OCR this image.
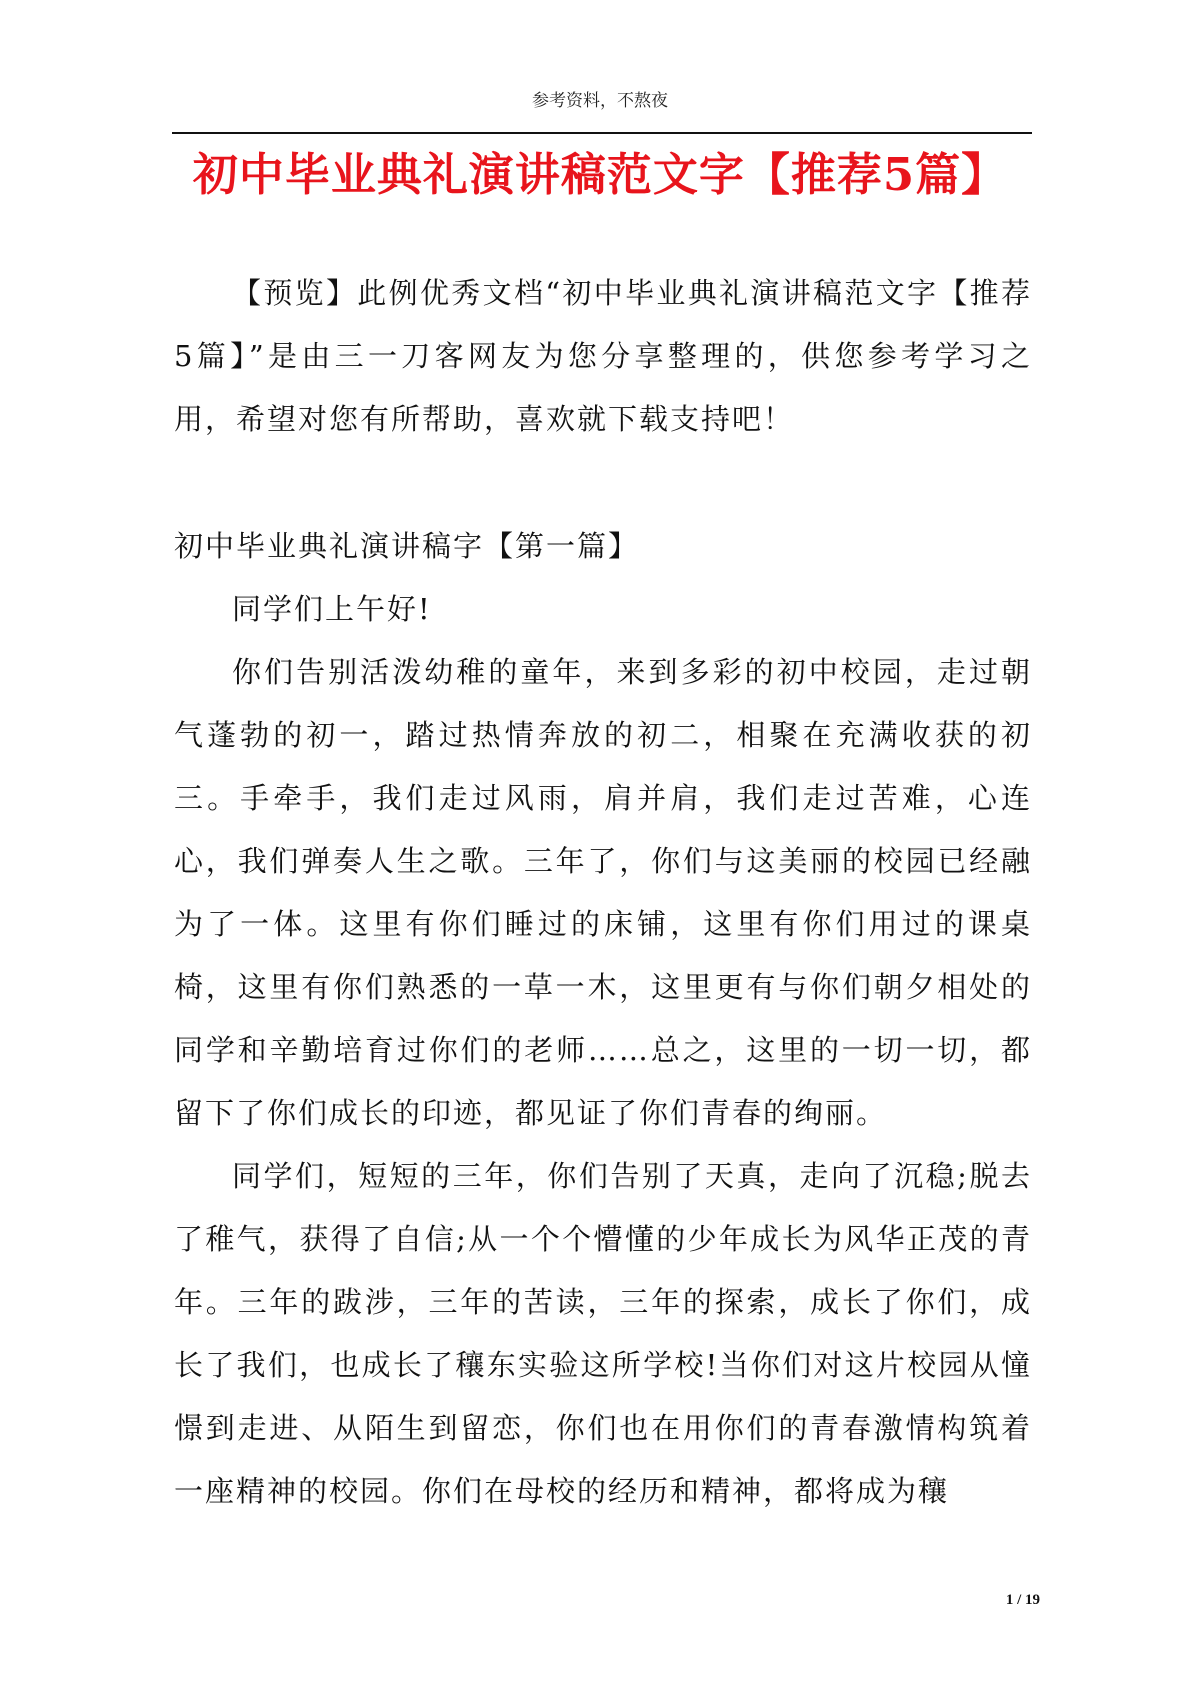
参考资料，不熬夜
初中毕业典礼演讲稿范文字【推荐5篇】

【预览】此例优秀文档“初中毕业典礼演讲稿范文字【推荐5篇】”是由三一刀客网友为您分享整理的，供您参考学习之用，希望对您有所帮助，喜欢就下载支持吧！

初中毕业典礼演讲稿字【第一篇】

同学们上午好!

你们告别活泼幼稚的童年，来到多彩的初中校园，走过朝气蓬勃的初一，踏过热情奔放的初二，相聚在充满收获的初三。手牵手，我们走过风雨，肩并肩，我们走过苦难，心连心，我们弹奏人生之歌。三年了，你们与这美丽的校园已经融为了一体。这里有你们睡过的床铺，这里有你们用过的课桌椅，这里有你们熟悉的一草一木，这里更有与你们朝夕相处的同学和辛勤培育过你们的老师……总之，这里的一切一切，都留下了你们成长的印迹，都见证了你们青春的绚丽。

同学们，短短的三年，你们告别了天真，走向了沉稳;脱去了稚气，获得了自信;从一个个懵懂的少年成长为风华正茂的青年。三年的跋涉，三年的苦读，三年的探索，成长了你们，成长了我们，也成长了穰东实验这所学校!当你们对这片校园从憧憬到走进、从陌生到留恋，你们也在用你们的青春激情构筑着一座精神的校园。你们在母校的经历和精神，都将成为穰

1 / 19
